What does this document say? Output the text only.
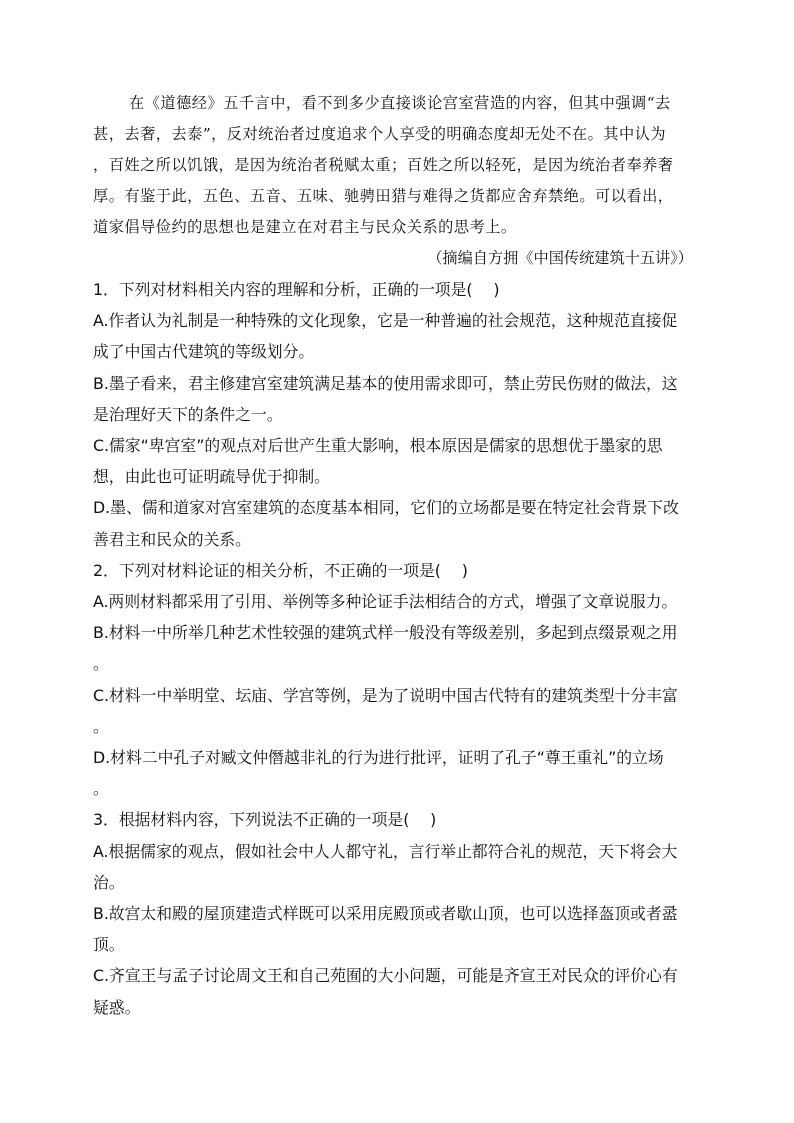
在《道德经》五千言中，看不到多少直接谈论宫室营造的内容，但其中强调“去

甚，去奢，去泰”，反对统治者过度追求个人享受的明确态度却无处不在。其中认为

，百姓之所以饥饿，是因为统治者税赋太重；百姓之所以轻死，是因为统治者奉养奢

厚。有鉴于此，五色、五音、五味、驰骋田猎与难得之货都应舍弃禁绝。可以看出，

道家倡导俭约的思想也是建立在对君主与民众关系的思考上。

（摘编自方拥《中国传统建筑十五讲》）

1．下列对材料相关内容的理解和分析，正确的一项是(　 )

A.作者认为礼制是一种特殊的文化现象，它是一种普遍的社会规范，这种规范直接促
成了中国古代建筑的等级划分。
B.墨子看来，君主修建宫室建筑满足基本的使用需求即可，禁止劳民伤财的做法，这
是治理好天下的条件之一。
C.儒家“卑宫室”的观点对后世产生重大影响，根本原因是儒家的思想优于墨家的思
想，由此也可证明疏导优于抑制。
D.墨、儒和道家对宫室建筑的态度基本相同，它们的立场都是要在特定社会背景下改
善君主和民众的关系。

2．下列对材料论证的相关分析，不正确的一项是(　 )

A.两则材料都采用了引用、举例等多种论证手法相结合的方式，增强了文章说服力。
B.材料一中所举几种艺术性较强的建筑式样一般没有等级差别，多起到点缀景观之用
。
C.材料一中举明堂、坛庙、学宫等例，是为了说明中国古代特有的建筑类型十分丰富
。
D.材料二中孔子对臧文仲僭越非礼的行为进行批评，证明了孔子“尊王重礼”的立场
。

3．根据材料内容，下列说法不正确的一项是(　 )

A.根据儒家的观点，假如社会中人人都守礼，言行举止都符合礼的规范，天下将会大
治。
B.故宫太和殿的屋顶建造式样既可以采用庑殿顶或者歇山顶，也可以选择盔顶或者盝
顶。
C.齐宣王与孟子讨论周文王和自己苑囿的大小问题，可能是齐宣王对民众的评价心有
疑惑。
